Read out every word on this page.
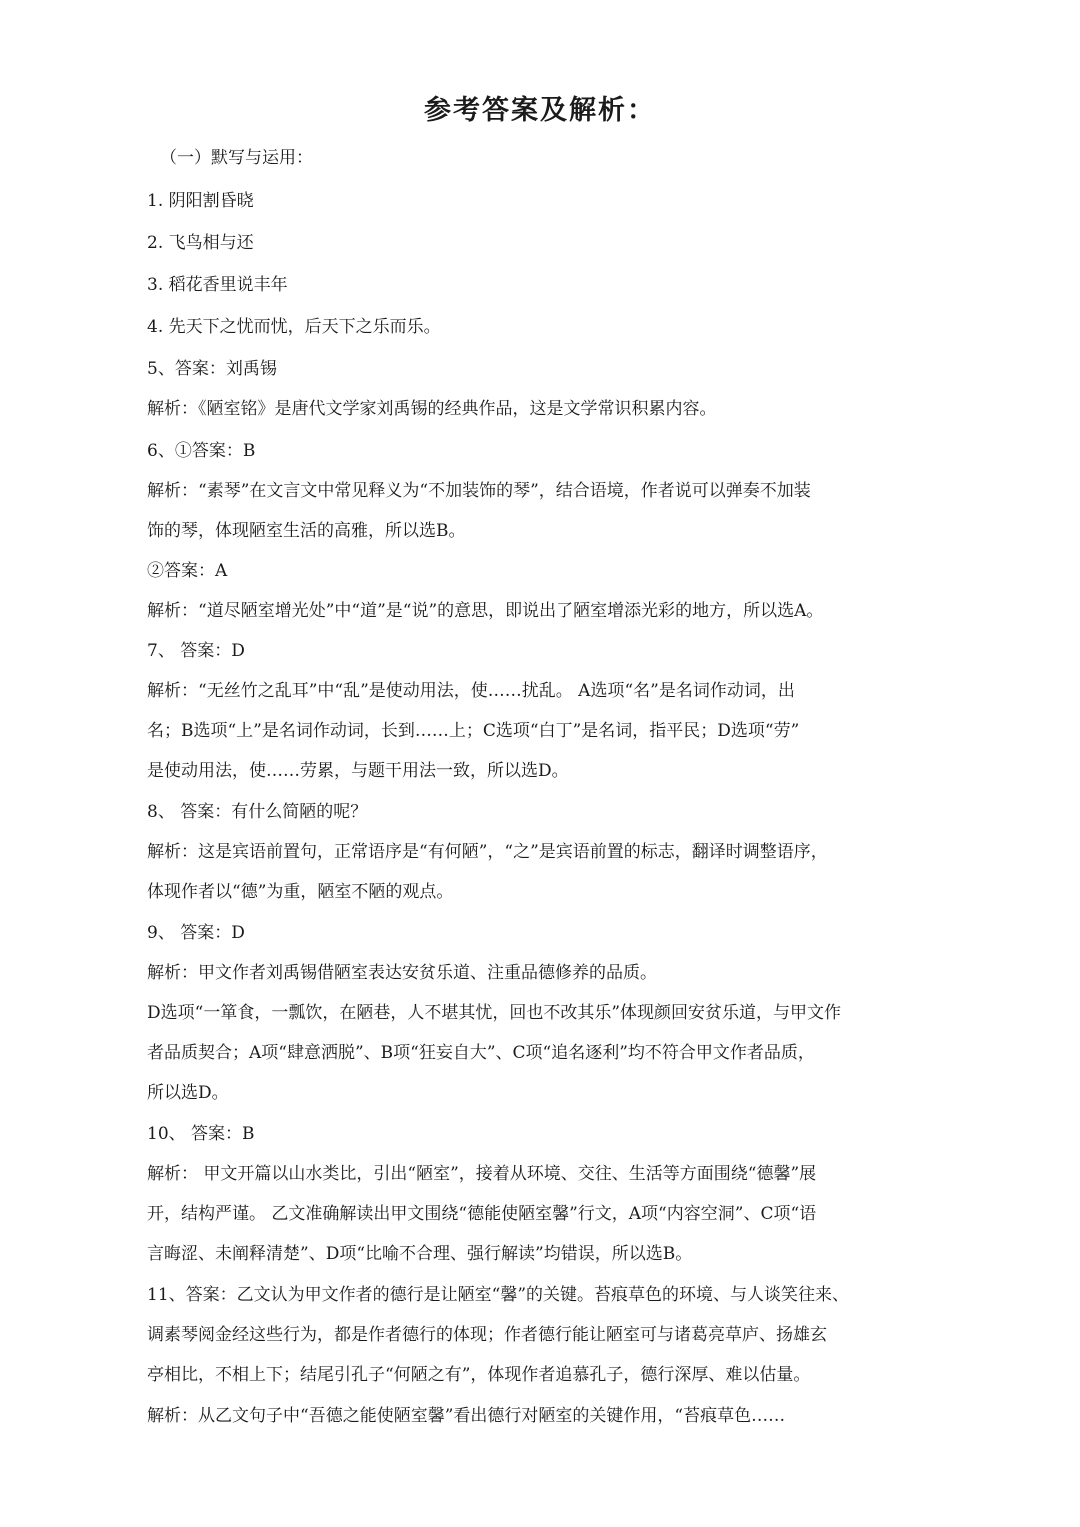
参考答案及解析：
（一）默写与运用：
1. 阴阳割昏晓
2. 飞鸟相与还
3. 稻花香里说丰年
4. 先天下之忧而忧，后天下之乐而乐。
5、答案：刘禹锡
解析：《陋室铭》是唐代文学家刘禹锡的经典作品，这是文学常识积累内容。
6、①答案：B
解析：“素琴”在文言文中常见释义为“不加装饰的琴”，结合语境，作者说可以弹奏不加装
饰的琴，体现陋室生活的高雅，所以选B。
②答案：A
解析：“道尽陋室增光处”中“道”是“说”的意思，即说出了陋室增添光彩的地方，所以选A。
7、 答案：D
解析：“无丝竹之乱耳”中“乱”是使动用法，使……扰乱。 A选项“名”是名词作动词，出
名；B选项“上”是名词作动词，长到……上；C选项“白丁”是名词，指平民；D选项“劳”
是使动用法，使……劳累，与题干用法一致，所以选D。
8、 答案：有什么简陋的呢？
解析：这是宾语前置句，正常语序是“有何陋”，“之”是宾语前置的标志，翻译时调整语序，
体现作者以“德”为重，陋室不陋的观点。
9、 答案：D
解析：甲文作者刘禹锡借陋室表达安贫乐道、注重品德修养的品质。
D选项“一箪食，一瓢饮，在陋巷，人不堪其忧，回也不改其乐”体现颜回安贫乐道，与甲文作
者品质契合；A项“肆意洒脱”、B项“狂妄自大”、C项“追名逐利”均不符合甲文作者品质，
所以选D。
10、 答案：B
解析： 甲文开篇以山水类比，引出“陋室”，接着从环境、交往、生活等方面围绕“德馨”展
开，结构严谨。 乙文准确解读出甲文围绕“德能使陋室馨”行文，A项“内容空洞”、C项“语
言晦涩、未阐释清楚”、D项“比喻不合理、强行解读”均错误，所以选B。
11、答案：乙文认为甲文作者的德行是让陋室“馨”的关键。苔痕草色的环境、与人谈笑往来、
调素琴阅金经这些行为，都是作者德行的体现；作者德行能让陋室可与诸葛亮草庐、扬雄玄
亭相比，不相上下；结尾引孔子“何陋之有”，体现作者追慕孔子，德行深厚、难以估量。
解析：从乙文句子中“吾德之能使陋室馨”看出德行对陋室的关键作用，“苔痕草色……
